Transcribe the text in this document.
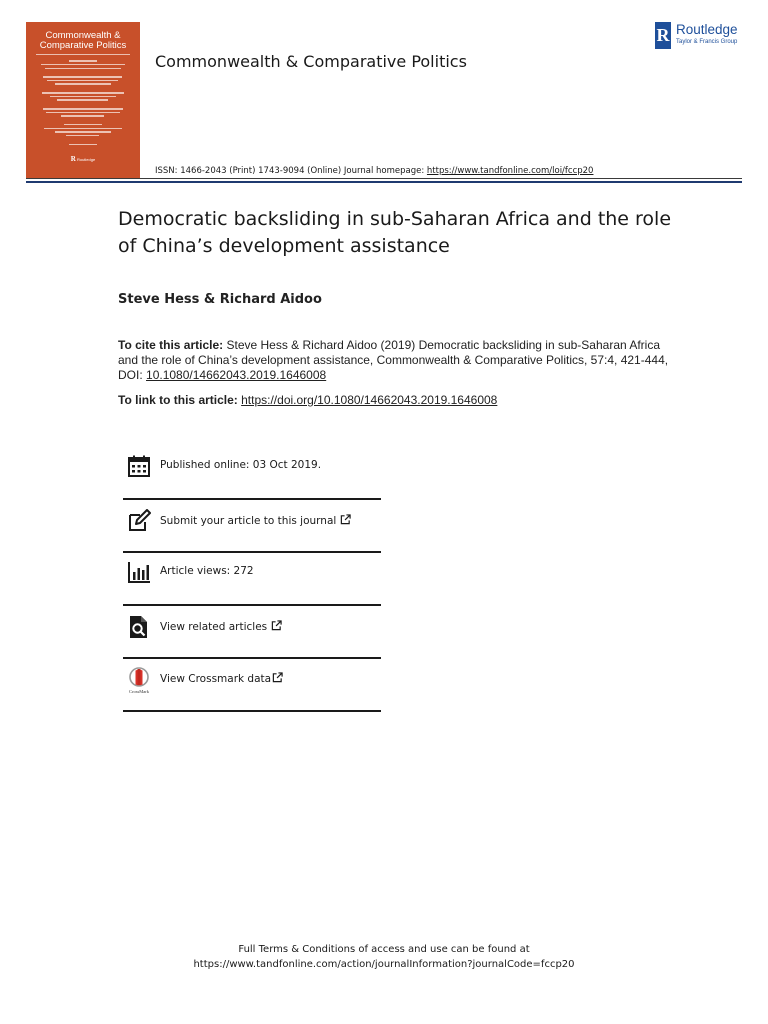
Commonwealth & Comparative Politics
R Routledge
Commonwealth & Comparative Politics
R Routledge
Taylor & Francis Group
ISSN: 1466-2043 (Print) 1743-9094 (Online) Journal homepage: https://www.tandfonline.com/loi/fccp20
Democratic backsliding in sub-Saharan Africa and the role of China’s development assistance
Steve Hess & Richard Aidoo
To cite this article: Steve Hess & Richard Aidoo (2019) Democratic backsliding in sub-Saharan Africa and the role of China’s development assistance, Commonwealth & Comparative Politics, 57:4, 421-444, DOI: 10.1080/14662043.2019.1646008
To link to this article: https://doi.org/10.1080/14662043.2019.1646008
Published online: 03 Oct 2019.
Submit your article to this journal
Article views: 272
View related articles
CrossMark
View Crossmark data
Full Terms & Conditions of access and use can be found at
https://www.tandfonline.com/action/journalInformation?journalCode=fccp20
